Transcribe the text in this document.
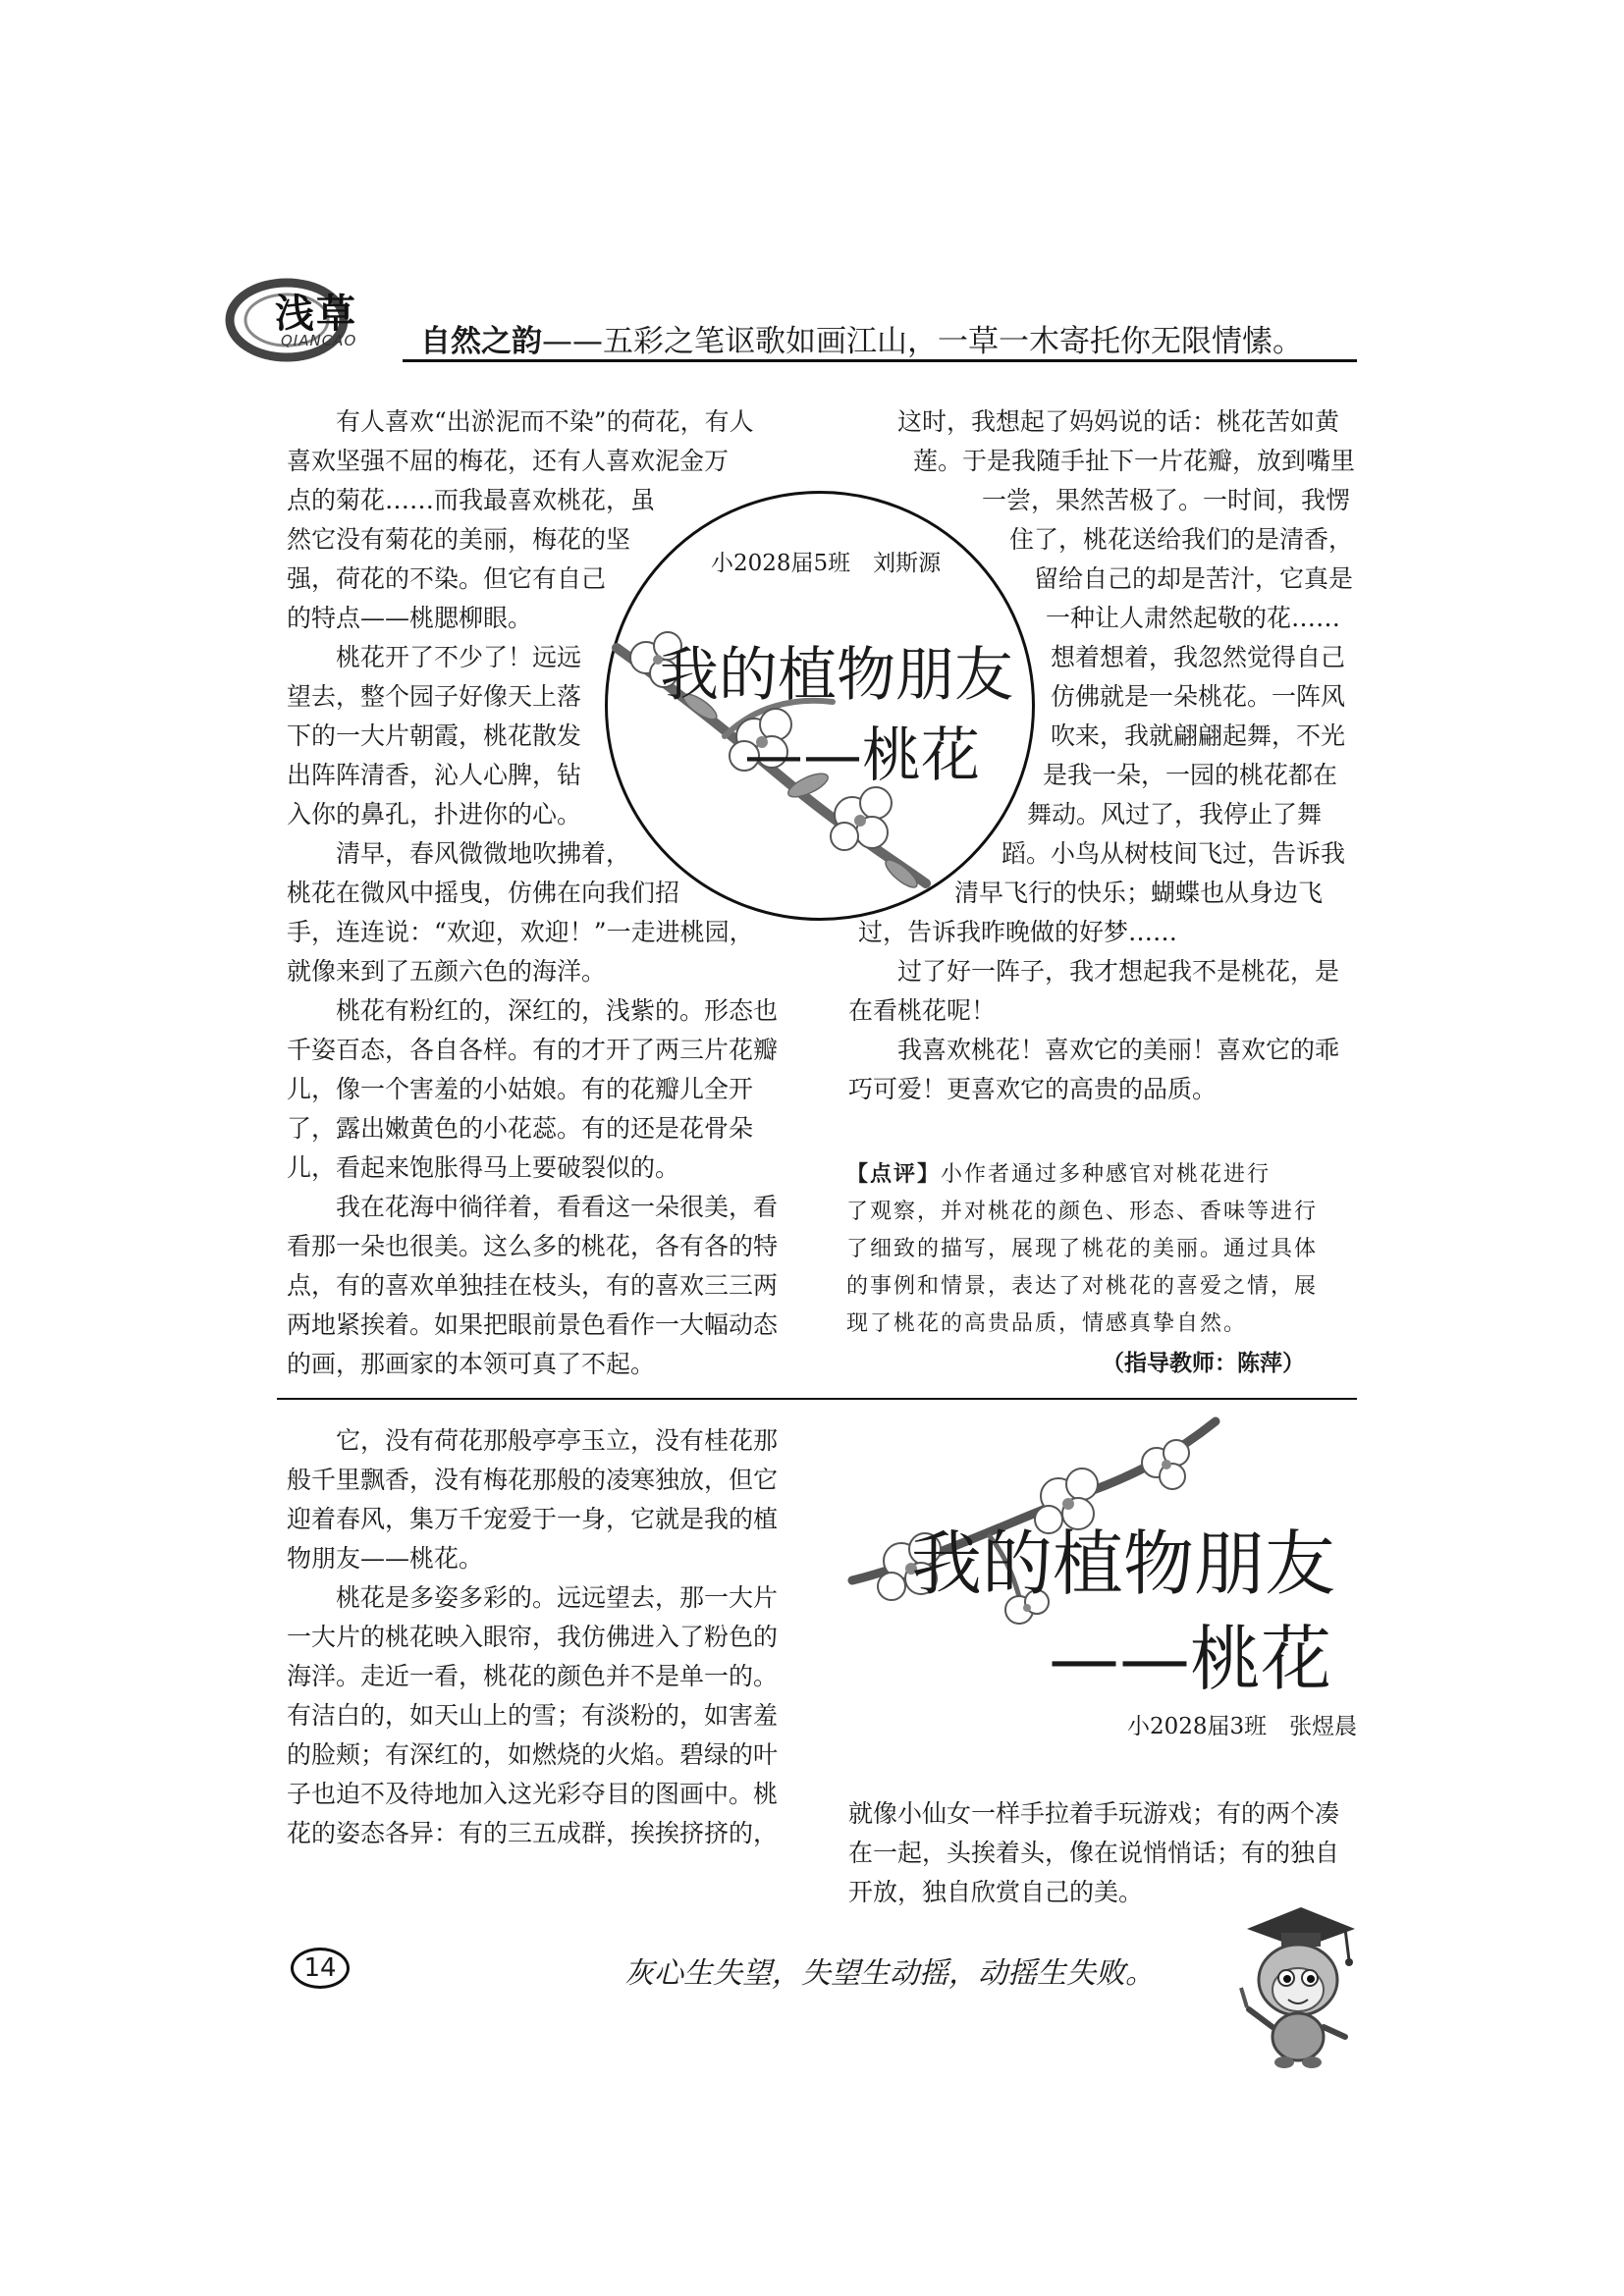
浅草
QIANCAO 自然之韵——五彩之笔讴歌如画江山，一草一木寄托你无限情愫。
小2028届5班　刘斯源
我的植物朋友
——桃花
　　有人喜欢“出淤泥而不染”的荷花，有人
喜欢坚强不屈的梅花，还有人喜欢泥金万
点的菊花……而我最喜欢桃花，虽
然它没有菊花的美丽，梅花的坚
强，荷花的不染。但它有自己
的特点——桃腮柳眼。
　　桃花开了不少了！远远
望去，整个园子好像天上落
下的一大片朝霞，桃花散发
出阵阵清香，沁人心脾，钻
入你的鼻孔，扑进你的心。
　　清早，春风微微地吹拂着，
桃花在微风中摇曳，仿佛在向我们招
手，连连说：“欢迎，欢迎！”一走进桃园，
就像来到了五颜六色的海洋。
　　桃花有粉红的，深红的，浅紫的。形态也
千姿百态，各自各样。有的才开了两三片花瓣
儿，像一个害羞的小姑娘。有的花瓣儿全开
了，露出嫩黄色的小花蕊。有的还是花骨朵
儿，看起来饱胀得马上要破裂似的。
　　我在花海中徜徉着，看看这一朵很美，看
看那一朵也很美。这么多的桃花，各有各的特
点，有的喜欢单独挂在枝头，有的喜欢三三两
两地紧挨着。如果把眼前景色看作一大幅动态
的画，那画家的本领可真了不起。
　　这时，我想起了妈妈说的话：桃花苦如黄
莲。于是我随手扯下一片花瓣，放到嘴里
一尝，果然苦极了。一时间，我愣
住了，桃花送给我们的是清香，
留给自己的却是苦汁，它真是
一种让人肃然起敬的花……
　　想着想着，我忽然觉得自己
仿佛就是一朵桃花。一阵风
吹来，我就翩翩起舞，不光
是我一朵，一园的桃花都在
舞动。风过了，我停止了舞
蹈。小鸟从树枝间飞过，告诉我
清早飞行的快乐；蝴蝶也从身边飞
过，告诉我昨晚做的好梦……
　　过了好一阵子，我才想起我不是桃花，是
在看桃花呢！
　　我喜欢桃花！喜欢它的美丽！喜欢它的乖
巧可爱！更喜欢它的高贵的品质。
【点评】小作者通过多种感官对桃花进行
了观察，并对桃花的颜色、形态、香味等进行
了细致的描写，展现了桃花的美丽。通过具体
的事例和情景，表达了对桃花的喜爱之情，展
现了桃花的高贵品质，情感真挚自然。
（指导教师：陈萍）
　　它，没有荷花那般亭亭玉立，没有桂花那
般千里飘香，没有梅花那般的凌寒独放，但它
迎着春风，集万千宠爱于一身，它就是我的植
物朋友——桃花。
　　桃花是多姿多彩的。远远望去，那一大片
一大片的桃花映入眼帘，我仿佛进入了粉色的
海洋。走近一看，桃花的颜色并不是单一的。
有洁白的，如天山上的雪；有淡粉的，如害羞
的脸颊；有深红的，如燃烧的火焰。碧绿的叶
子也迫不及待地加入这光彩夺目的图画中。桃
花的姿态各异：有的三五成群，挨挨挤挤的，
我的植物朋友
——桃花
小2028届3班　张煜晨
就像小仙女一样手拉着手玩游戏；有的两个凑
在一起，头挨着头，像在说悄悄话；有的独自
开放，独自欣赏自己的美。
14	灰心生失望，失望生动摇，动摇生失败。
